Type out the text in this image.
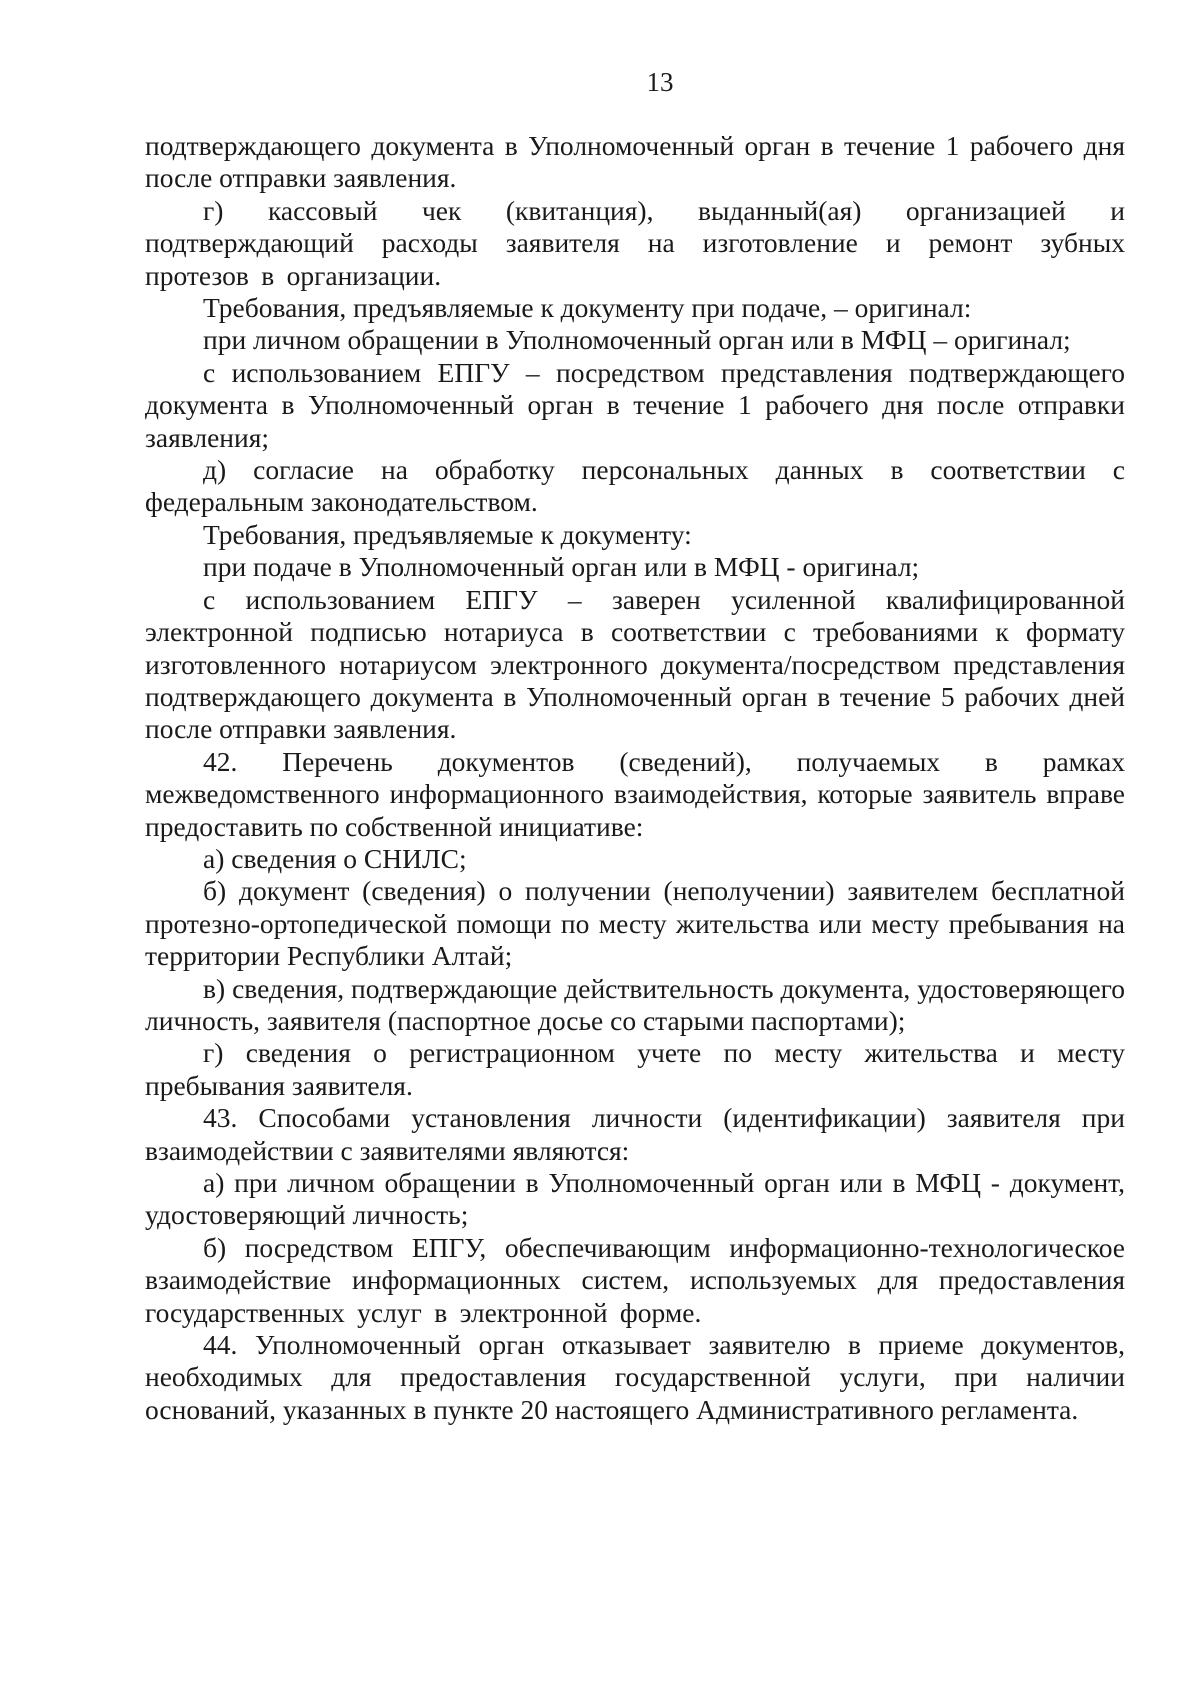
13

подтверждающего документа в Уполномоченный орган в течение 1 рабочего дня после отправки заявления.

г) кассовый чек (квитанция), выданный(ая) организацией и подтверждающий расходы заявителя на изготовление и ремонт зубных протезов в организации.

Требования, предъявляемые к документу при подаче, – оригинал:

при личном обращении в Уполномоченный орган или в МФЦ – оригинал;

с использованием ЕПГУ – посредством представления подтверждающего документа в Уполномоченный орган в течение 1 рабочего дня после отправки заявления;

д) согласие на обработку персональных данных в соответствии с федеральным законодательством.

Требования, предъявляемые к документу:

при подаче в Уполномоченный орган или в МФЦ - оригинал;

с использованием ЕПГУ – заверен усиленной квалифицированной электронной подписью нотариуса в соответствии с требованиями к формату изготовленного нотариусом электронного документа/посредством представления подтверждающего документа в Уполномоченный орган в течение 5 рабочих дней после отправки заявления.

42. Перечень документов (сведений), получаемых в рамках межведомственного информационного взаимодействия, которые заявитель вправе предоставить по собственной инициативе:

а) сведения о СНИЛС;

б) документ (сведения) о получении (неполучении) заявителем бесплатной протезно-ортопедической помощи по месту жительства или месту пребывания на территории Республики Алтай;

в) сведения, подтверждающие действительность документа, удостоверяющего личность, заявителя (паспортное досье со старыми паспортами);

г) сведения о регистрационном учете по месту жительства и месту пребывания заявителя.

43. Способами установления личности (идентификации) заявителя при взаимодействии с заявителями являются:

а) при личном обращении в Уполномоченный орган или в МФЦ - документ, удостоверяющий личность;

б) посредством ЕПГУ, обеспечивающим информационно-технологическое взаимодействие информационных систем, используемых для предоставления государственных услуг в электронной форме.

44. Уполномоченный орган отказывает заявителю в приеме документов, необходимых для предоставления государственной услуги, при наличии оснований, указанных в пункте 20 настоящего Административного регламента.
